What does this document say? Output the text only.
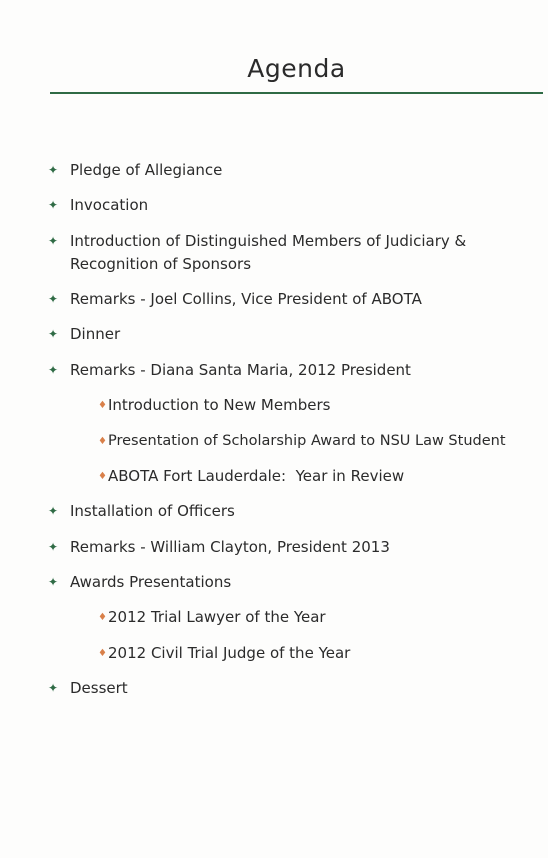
Agenda
✦ Pledge of Allegiance
✦ Invocation
✦ Introduction of Distinguished Members of Judiciary &
Recognition of Sponsors
✦ Remarks - Joel Collins, Vice President of ABOTA
✦ Dinner
✦ Remarks - Diana Santa Maria, 2012 President
♦ Introduction to New Members
♦ Presentation of Scholarship Award to NSU Law Student
♦ ABOTA Fort Lauderdale:  Year in Review
✦ Installation of Officers
✦ Remarks - William Clayton, President 2013
✦ Awards Presentations
♦ 2012 Trial Lawyer of the Year
♦ 2012 Civil Trial Judge of the Year
✦ Dessert
